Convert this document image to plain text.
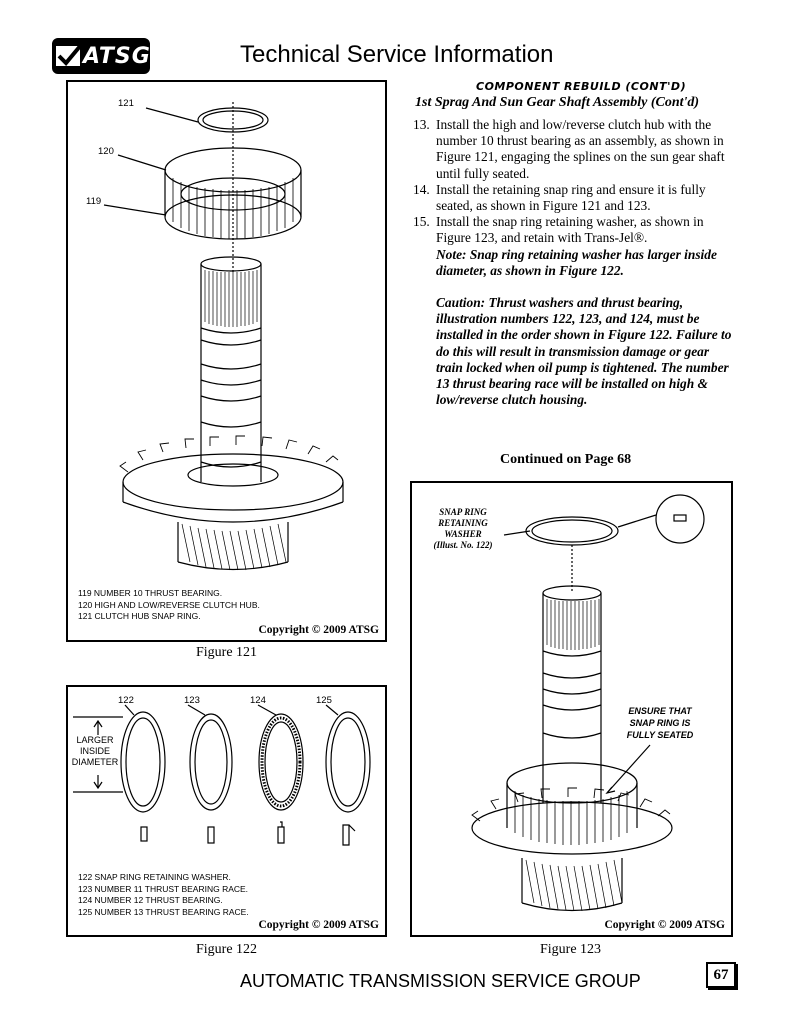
ATSG	Technical Service Information
COMPONENT REBUILD (CONT'D)
1st Sprag And Sun Gear Shaft Assembly (Cont'd)
13. Install the high and low/reverse clutch hub with the number 10 thrust bearing as an assembly, as shown in Figure 121, engaging the splines on the sun gear shaft until fully seated.
14. Install the retaining snap ring and ensure it is fully seated, as shown in Figure 121 and 123.
15. Install the snap ring retaining washer, as shown in Figure 123, and retain with Trans-Jel®.
Note: Snap ring retaining washer has larger inside diameter, as shown in Figure 122.
Caution: Thrust washers and thrust bearing, illustration numbers 122, 123, and 124, must be installed in the order shown in Figure 122. Failure to do this will result in transmission damage or gear train locked when oil pump is tightened. The number 13 thrust bearing race will be installed on high & low/reverse clutch housing.
Continued on Page 68
121
120
119
119 NUMBER 10 THRUST BEARING.
120 HIGH AND LOW/REVERSE CLUTCH HUB.
121 CLUTCH HUB SNAP RING.
Copyright © 2009 ATSG
Figure 121
122	123	124	125
LARGER
INSIDE
DIAMETER
122 SNAP RING RETAINING WASHER.
123 NUMBER 11 THRUST BEARING RACE.
124 NUMBER 12 THRUST BEARING.
125 NUMBER 13 THRUST BEARING RACE.
Copyright © 2009 ATSG
Figure 122
SNAP RING
RETAINING
WASHER
(Illust. No. 122)
ENSURE THAT
SNAP RING IS
FULLY SEATED
Copyright © 2009 ATSG
Figure 123
AUTOMATIC TRANSMISSION SERVICE GROUP	67
